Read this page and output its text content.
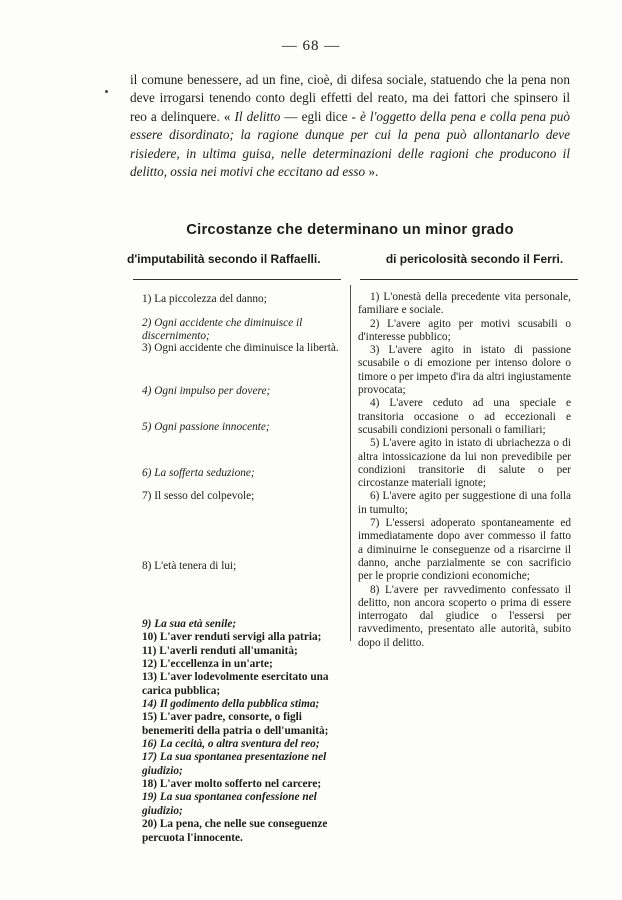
— 68 —

il comune benessere, ad un fine, cioè, di difesa sociale, statuendo che la pena non deve irrogarsi tenendo conto degli effetti del reato, ma dei fattori che spinsero il reo a delinquere. « Il delitto — egli dice - è l'oggetto della pena e colla pena può essere disordinato; la ragione dunque per cui la pena può allontanarlo deve risiedere, in ultima guisa, nelle determinazioni delle ragioni che producono il delitto, ossia nei motivi che eccitano ad esso ».

Circostanze che determinano un minor grado
d'imputabilità secondo il Raffaelli.	di pericolosità secondo il Ferri.
1) La piccolezza del danno;
2) Ogni accidente che diminuisce il discernimento;
3) Ogni accidente che diminuisce la libertà.
4) Ogni impulso per dovere;
5) Ogni passione innocente;
6) La sofferta seduzione;
7) Il sesso del colpevole;
8) L'età tenera di lui;
9) La sua età senile;
10) L'aver renduti servigi alla patria;
11) L'averli renduti all'umanità;
12) L'eccellenza in un'arte;
13) L'aver lodevolmente esercitato una carica pubblica;
14) Il godimento della pubblica stima;
15) L'aver padre, consorte, o figli benemeriti della patria o dell'umanità;
16) La cecità, o altra sventura del reo;
17) La sua spontanea presentazione nel giudizio;
18) L'aver molto sofferto nel carcere;
19) La sua spontanea confessione nel giudizio;
20) La pena, che nelle sue conseguenze percuota l'innocente.
1) L'onestà della precedente vita personale, familiare e sociale.
2) L'avere agito per motivi scusabili o d'interesse pubblico;
3) L'avere agito in istato di passione scusabile o di emozione per intenso dolore o timore o per impeto d'ira da altri ingiustamente provocata;
4) L'avere ceduto ad una speciale e transitoria occasione o ad eccezionali e scusabili condizioni personali o familiari;
5) L'avere agito in istato di ubriachezza o di altra intossicazione da lui non prevedibile per condizioni transitorie di salute o per circostanze materiali ignote;
6) L'avere agito per suggestione di una folla in tumulto;
7) L'essersi adoperato spontaneamente ed immediatamente dopo aver commesso il fatto a diminuirne le conseguenze od a risarcirne il danno, anche parzialmente se con sacrificio per le proprie condizioni economiche;
8) L'avere per ravvedimento confessato il delitto, non ancora scoperto o prima di essere interrogato dal giudice o l'essersi per ravvedimento, presentato alle autorità, subito dopo il delitto.
